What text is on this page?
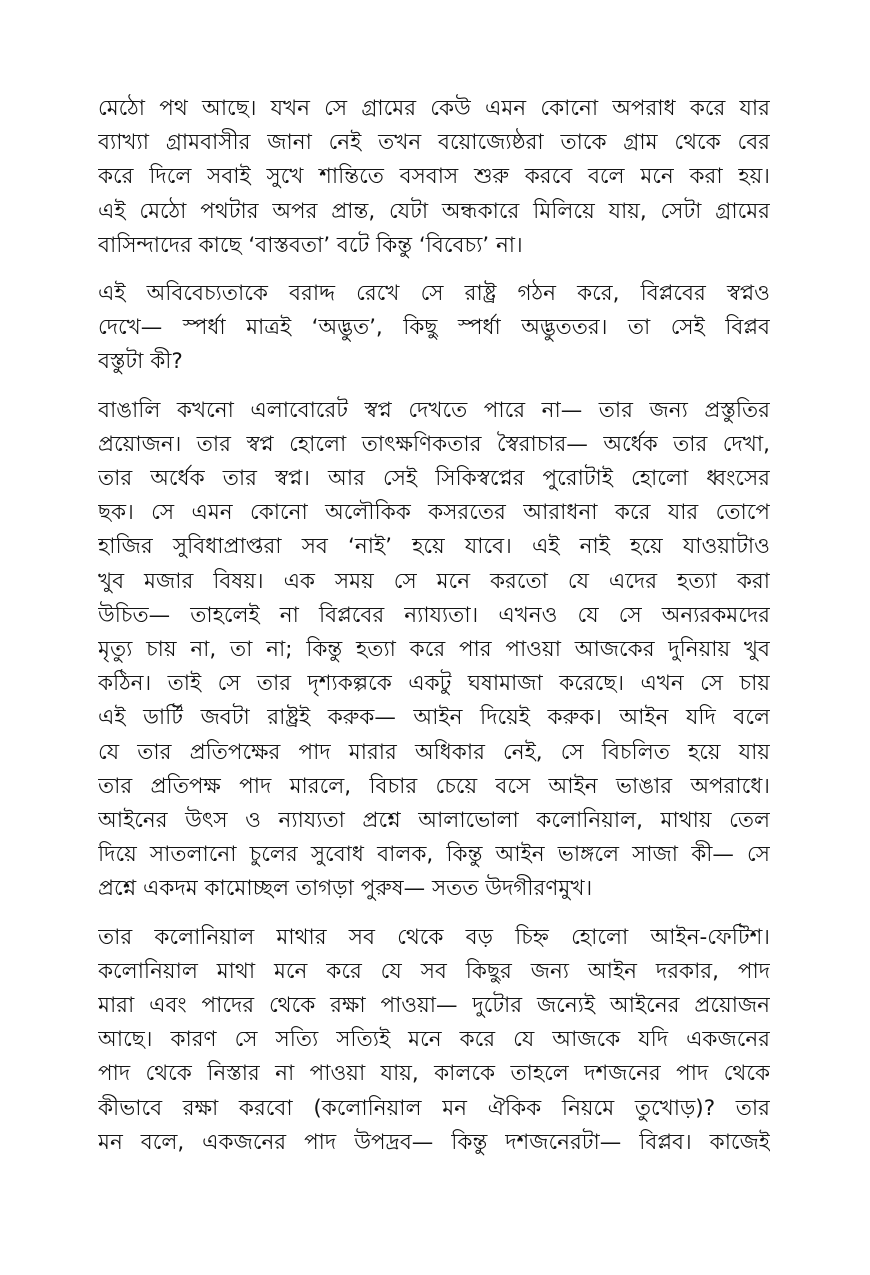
মেঠো পথ আছে। যখন সে গ্রামের কেউ এমন কোনো অপরাধ করে যার
ব্যাখ্যা গ্রামবাসীর জানা নেই তখন বয়োজ্যেষ্ঠরা তাকে গ্রাম থেকে বের
করে দিলে সবাই সুখে শান্তিতে বসবাস শুরু করবে বলে মনে করা হয়।
এই মেঠো পথটার অপর প্রান্ত, যেটা অন্ধকারে মিলিয়ে যায়, সেটা গ্রামের
বাসিন্দাদের কাছে ‘বাস্তবতা’ বটে কিন্তু ‘বিবেচ্য’ না।
এই অবিবেচ্যতাকে বরাদ্দ রেখে সে রাষ্ট্র গঠন করে, বিপ্লবের স্বপ্নও
দেখে— স্পর্ধা মাত্রই ‘অদ্ভুত’, কিছু স্পর্ধা অদ্ভুততর। তা সেই বিপ্লব
বস্তুটা কী?
বাঙালি কখনো এলাবোরেট স্বপ্ন দেখতে পারে না— তার জন্য প্রস্তুতির
প্রয়োজন। তার স্বপ্ন হোলো তাৎক্ষণিকতার স্বৈরাচার— অর্ধেক তার দেখা,
তার অর্ধেক তার স্বপ্ন। আর সেই সিকিস্বপ্নের পুরোটাই হোলো ধ্বংসের
ছক। সে এমন কোনো অলৌকিক কসরতের আরাধনা করে যার তোপে
হাজির সুবিধাপ্রাপ্তরা সব ‘নাই’ হয়ে যাবে। এই নাই হয়ে যাওয়াটাও
খুব মজার বিষয়। এক সময় সে মনে করতো যে এদের হত্যা করা
উচিত— তাহলেই না বিপ্লবের ন্যায্যতা। এখনও যে সে অন্যরকমদের
মৃত্যু চায় না, তা না; কিন্তু হত্যা করে পার পাওয়া আজকের দুনিয়ায় খুব
কঠিন। তাই সে তার দৃশ্যকল্পকে একটু ঘষামাজা করেছে। এখন সে চায়
এই ডার্টি জবটা রাষ্ট্রই করুক— আইন দিয়েই করুক। আইন যদি বলে
যে তার প্রতিপক্ষের পাদ মারার অধিকার নেই, সে বিচলিত হয়ে যায়
তার প্রতিপক্ষ পাদ মারলে, বিচার চেয়ে বসে আইন ভাঙার অপরাধে।
আইনের উৎস ও ন্যায্যতা প্রশ্নে আলাভোলা কলোনিয়াল, মাথায় তেল
দিয়ে সাতলানো চুলের সুবোধ বালক, কিন্তু আইন ভাঙ্গলে সাজা কী— সে
প্রশ্নে একদম কামোচ্ছল তাগড়া পুরুষ— সতত উদগীরণমুখ।
তার কলোনিয়াল মাথার সব থেকে বড় চিহ্ন হোলো আইন-ফেটিশ।
কলোনিয়াল মাথা মনে করে যে সব কিছুর জন্য আইন দরকার, পাদ
মারা এবং পাদের থেকে রক্ষা পাওয়া— দুটোর জন্যেই আইনের প্রয়োজন
আছে। কারণ সে সত্যি সত্যিই মনে করে যে আজকে যদি একজনের
পাদ থেকে নিস্তার না পাওয়া যায়, কালকে তাহলে দশজনের পাদ থেকে
কীভাবে রক্ষা করবো (কলোনিয়াল মন ঐকিক নিয়মে তুখোড়)? তার
মন বলে, একজনের পাদ উপদ্রব— কিন্তু দশজনেরটা— বিপ্লব। কাজেই
